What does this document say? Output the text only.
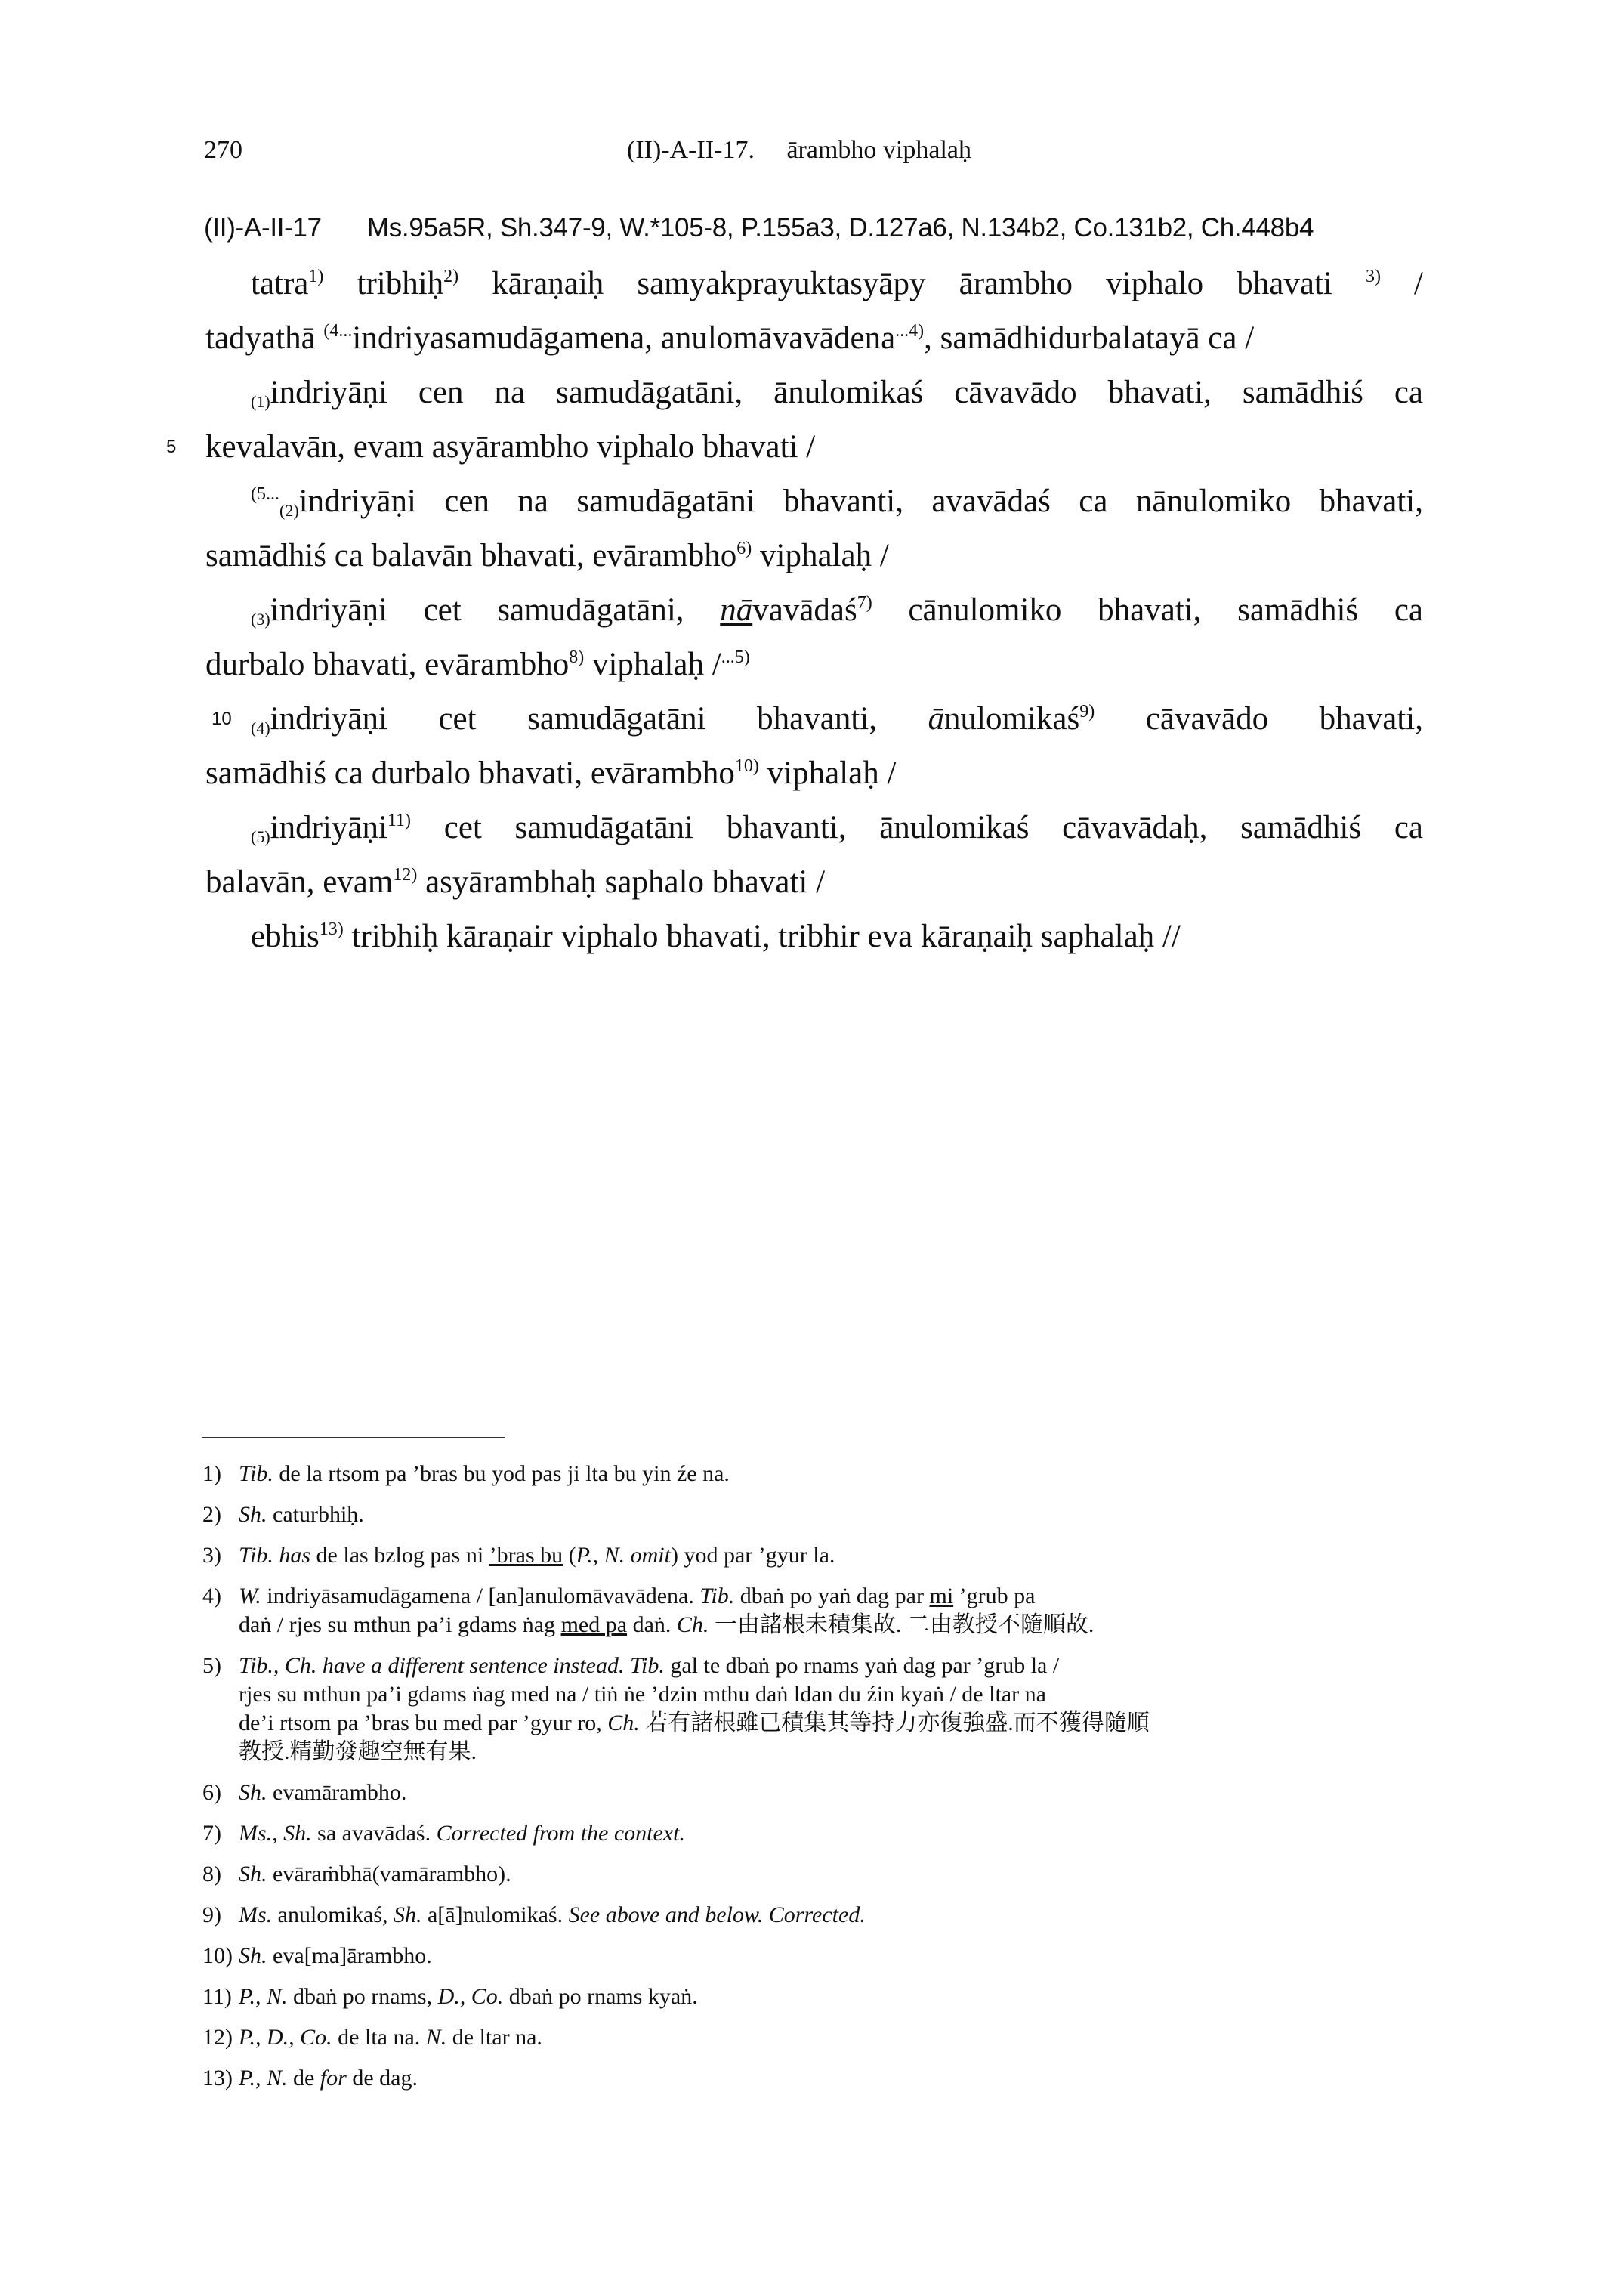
270	(II)-A-II-17.     ārambho viphalaḥ
(II)-A-II-17 Ms.95a5R, Sh.347-9, W.*105-8, P.155a3, D.127a6, N.134b2, Co.131b2, Ch.448b4
tatra$^{1)}$ tribhiḥ$^{2)}$ kāraṇaiḥ samyakprayuktasyāpy ārambho viphalo bhavati $^{3)}$ /
tadyathā $^{(4...}$indriyasamudāgamena, anulomāvavādena$^{...4)}$, samādhidurbalatayā ca /
$_{(1)}$indriyāṇi cen na samudāgatāni, ānulomikaś cāvavādo bhavati, samādhiś ca
5 kevalavān, evam asyārambho viphalo bhavati /
$^{(5...}_{(2)}$indriyāṇi cen na samudāgatāni bhavanti, avavādaś ca nānulomiko bhavati,
samādhiś ca balavān bhavati, evārambho$^{6)}$ viphalaḥ /
$_{(3)}$indriyāṇi cet samudāgatāni, nāvavādaś$^{7)}$ cānulomiko bhavati, samādhiś ca
durbalo bhavati, evārambho$^{8)}$ viphalaḥ /$^{...5)}$
10 $_{(4)}$indriyāṇi cet samudāgatāni bhavanti, ānulomikaś$^{9)}$ cāvavādo bhavati,
samādhiś ca durbalo bhavati, evārambho$^{10)}$ viphalaḥ /
$_{(5)}$indriyāṇi$^{11)}$ cet samudāgatāni bhavanti, ānulomikaś cāvavādaḥ, samādhiś ca
balavān, evam$^{12)}$ asyārambhaḥ saphalo bhavati /
ebhis$^{13)}$ tribhiḥ kāraṇair viphalo bhavati, tribhir eva kāraṇaiḥ saphalaḥ //
1) Tib. de la rtsom pa ’bras bu yod pas ji lta bu yin źe na.
2) Sh. caturbhiḥ.
3) Tib. has de las bzlog pas ni ’bras bu (P., N. omit) yod par ’gyur la.
4) W. indriyāsamudāgamena / [an]anulomāvavādena. Tib. dbaṅ po yaṅ dag par mi ’grub pa
daṅ / rjes su mthun pa’i gdams ṅag med pa daṅ. Ch. 一由諸根未積集故. 二由教授不隨順故.
5) Tib., Ch. have a different sentence instead. Tib. gal te dbaṅ po rnams yaṅ dag par ’grub la /
rjes su mthun pa’i gdams ṅag med na / tiṅ ṅe ’dzin mthu daṅ ldan du źin kyaṅ / de ltar na
de’i rtsom pa ’bras bu med par ’gyur ro, Ch. 若有諸根雖已積集其等持力亦復強盛.而不獲得隨順
教授.精勤發趣空無有果.
6) Sh. evamārambho.
7) Ms., Sh. sa avavādaś. Corrected from the context.
8) Sh. evāraṁbhā(vamārambho).
9) Ms. anulomikaś, Sh. a[ā]nulomikaś. See above and below. Corrected.
10) Sh. eva[ma]ārambho.
11) P., N. dbaṅ po rnams, D., Co. dbaṅ po rnams kyaṅ.
12) P., D., Co. de lta na. N. de ltar na.
13) P., N. de for de dag.
